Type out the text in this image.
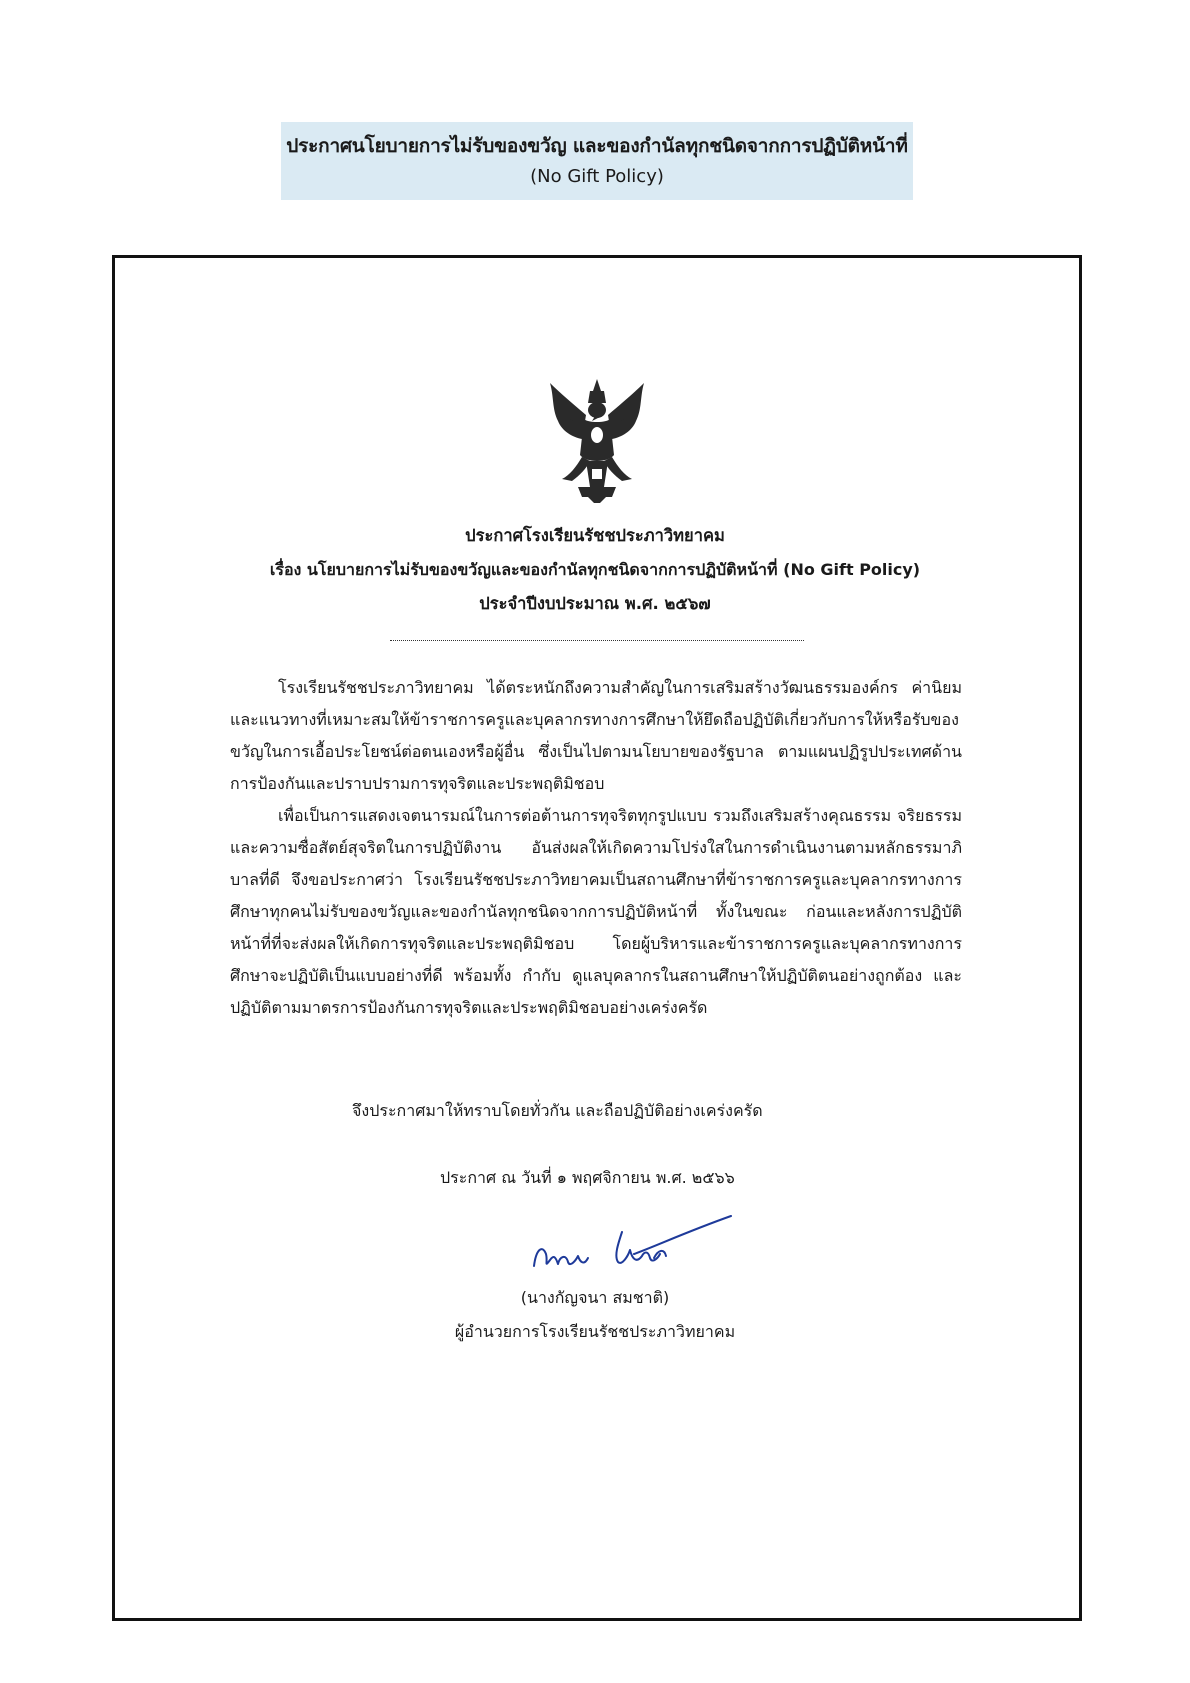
ประกาศนโยบายการไม่รับของขวัญ และของกำนัลทุกชนิดจากการปฏิบัติหน้าที่
(No Gift Policy)
ประกาศโรงเรียนรัชชประภาวิทยาคม
เรื่อง นโยบายการไม่รับของขวัญและของกำนัลทุกชนิดจากการปฏิบัติหน้าที่ (No Gift Policy)
ประจำปีงบประมาณ พ.ศ. ๒๕๖๗

โรงเรียนรัชชประภาวิทยาคม ได้ตระหนักถึงความสำคัญในการเสริมสร้างวัฒนธรรมองค์กร ค่านิยม และแนวทางที่เหมาะสมให้ข้าราชการครูและบุคลากรทางการศึกษาให้ยึดถือปฏิบัติเกี่ยวกับการให้หรือรับของขวัญในการเอื้อประโยชน์ต่อตนเองหรือผู้อื่น ซึ่งเป็นไปตามนโยบายของรัฐบาล ตามแผนปฏิรูปประเทศด้านการป้องกันและปราบปรามการทุจริตและประพฤติมิชอบ

เพื่อเป็นการแสดงเจตนารมณ์ในการต่อต้านการทุจริตทุกรูปแบบ รวมถึงเสริมสร้างคุณธรรม จริยธรรม และความซื่อสัตย์สุจริตในการปฏิบัติงาน อันส่งผลให้เกิดความโปร่งใสในการดำเนินงานตามหลักธรรมาภิบาลที่ดี จึงขอประกาศว่า โรงเรียนรัชชประภาวิทยาคมเป็นสถานศึกษาที่ข้าราชการครูและบุคลากรทางการศึกษาทุกคนไม่รับของขวัญและของกำนัลทุกชนิดจากการปฏิบัติหน้าที่ ทั้งในขณะ ก่อนและหลังการปฏิบัติหน้าที่ที่จะส่งผลให้เกิดการทุจริตและประพฤติมิชอบ โดยผู้บริหารและข้าราชการครูและบุคลากรทางการศึกษาจะปฏิบัติเป็นแบบอย่างที่ดี พร้อมทั้ง กำกับ ดูแลบุคลากรในสถานศึกษาให้ปฏิบัติตนอย่างถูกต้อง และปฏิบัติตามมาตรการป้องกันการทุจริตและประพฤติมิชอบอย่างเคร่งครัด

จึงประกาศมาให้ทราบโดยทั่วกัน และถือปฏิบัติอย่างเคร่งครัด
ประกาศ ณ วันที่ ๑ พฤศจิกายน พ.ศ. ๒๕๖๖
(นางกัญจนา สมชาติ)
ผู้อำนวยการโรงเรียนรัชชประภาวิทยาคม
